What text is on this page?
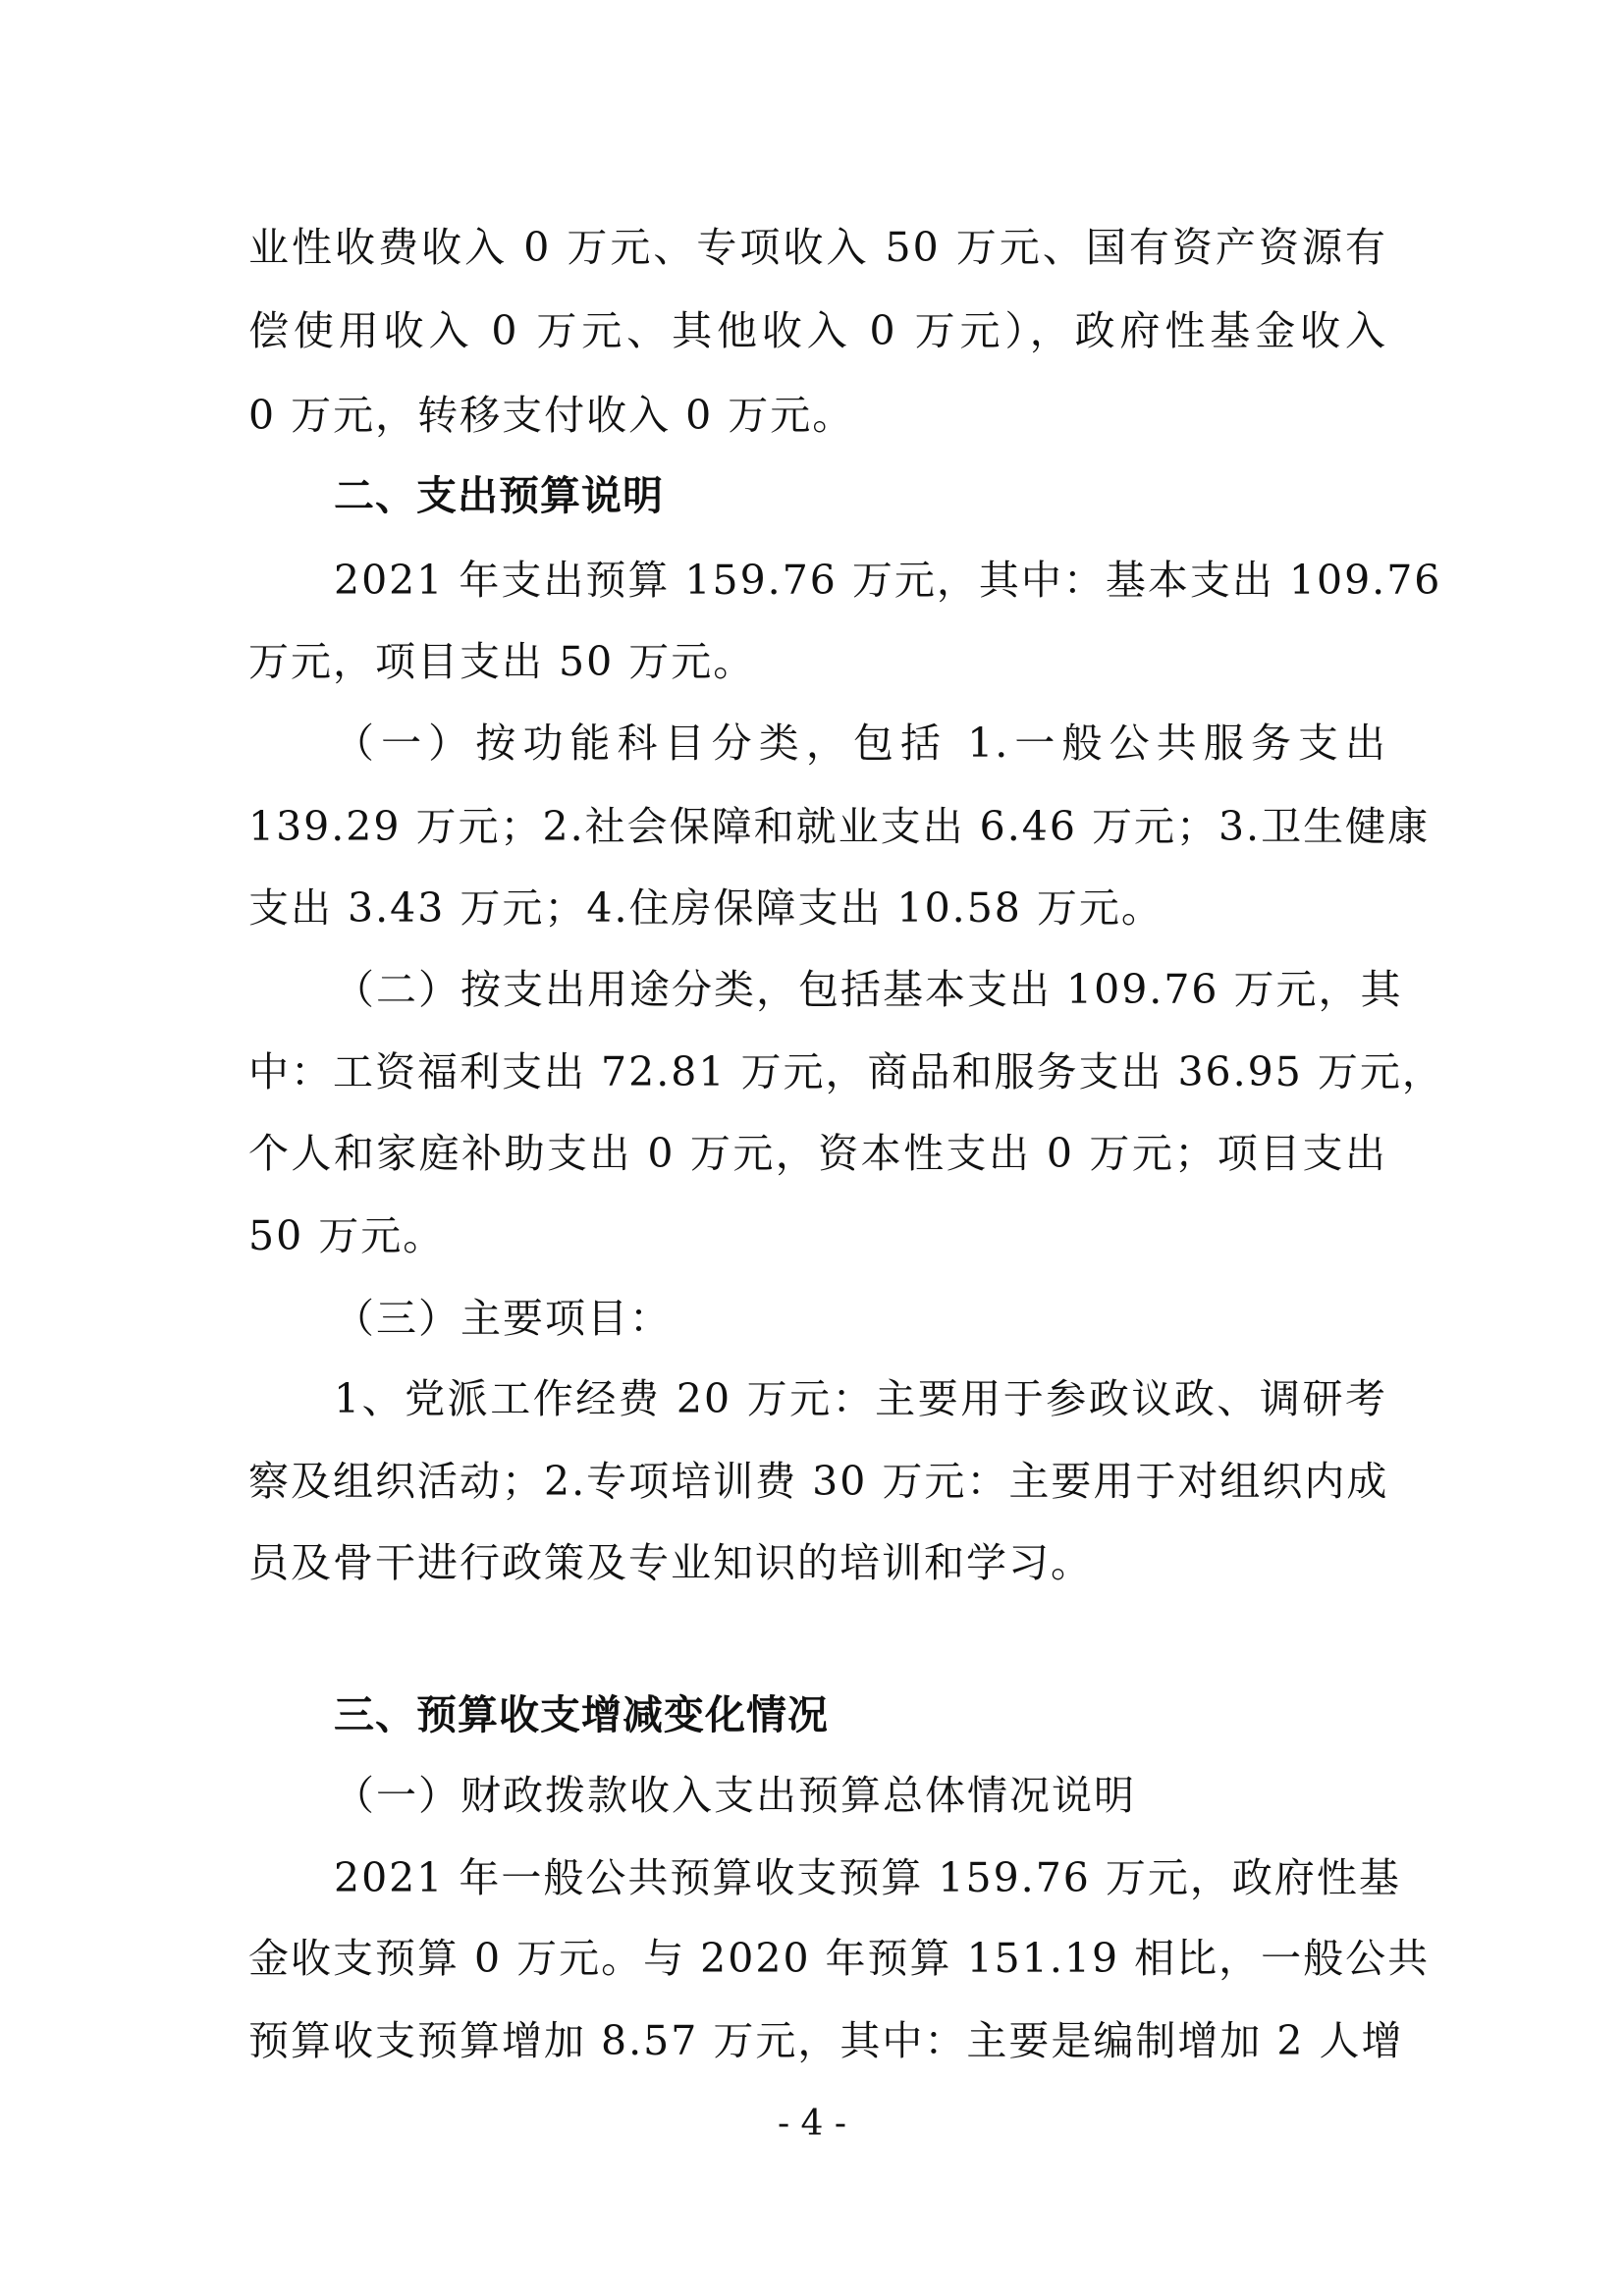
业性收费收入 0 万元、专项收入 50 万元、国有资产资源有
偿使用收入 0 万元、其他收入 0 万元），政府性基金收入
0 万元，转移支付收入 0 万元。
二、支出预算说明
2021 年支出预算 159.76 万元，其中：基本支出 109.76
万元，项目支出 50 万元。
（一）按功能科目分类，包括 1.一般公共服务支出
139.29 万元；2.社会保障和就业支出 6.46 万元；3.卫生健康
支出 3.43 万元；4.住房保障支出 10.58 万元。
（二）按支出用途分类，包括基本支出 109.76 万元，其
中：工资福利支出 72.81 万元，商品和服务支出 36.95 万元，
个人和家庭补助支出 0 万元，资本性支出 0 万元；项目支出
50 万元。
（三）主要项目：
1、党派工作经费 20 万元：主要用于参政议政、调研考
察及组织活动；2.专项培训费 30 万元：主要用于对组织内成
员及骨干进行政策及专业知识的培训和学习。
三、预算收支增减变化情况
（一）财政拨款收入支出预算总体情况说明
2021 年一般公共预算收支预算 159.76 万元，政府性基
金收支预算 0 万元。与 2020 年预算 151.19 相比，一般公共
预算收支预算增加 8.57 万元，其中：主要是编制增加 2 人增
- 4 -
